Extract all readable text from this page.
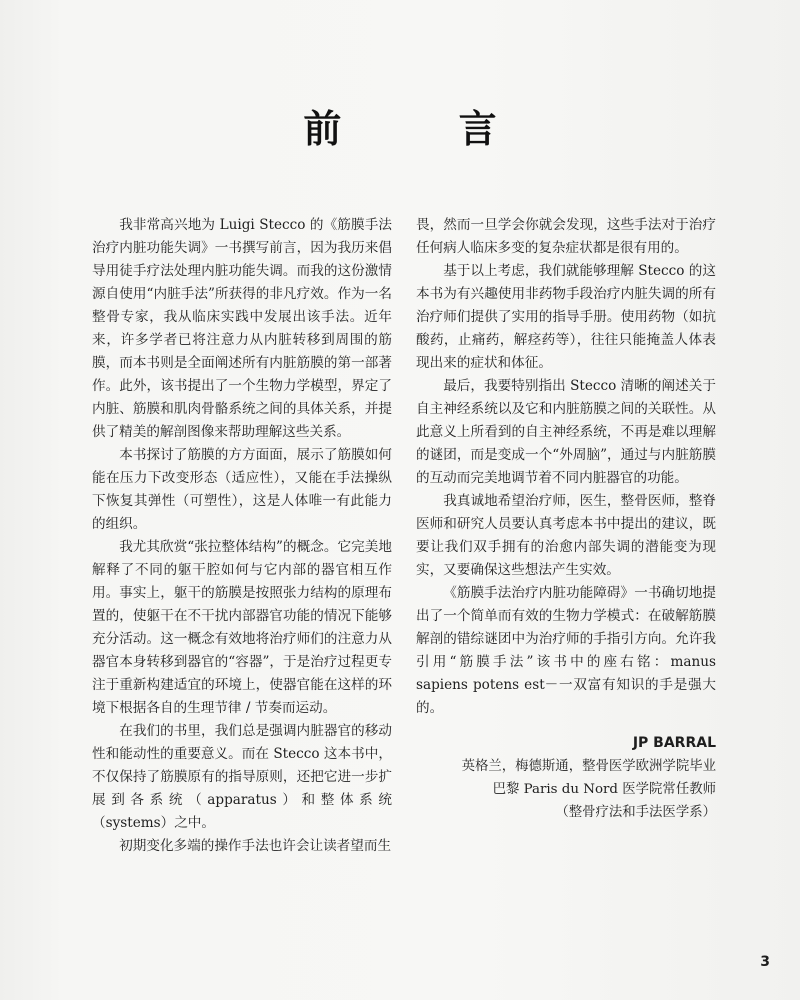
前 言

我非常高兴地为 Luigi Stecco 的《筋膜手法治疗内脏功能失调》一书撰写前言，因为我历来倡导用徒手疗法处理内脏功能失调。而我的这份激情源自使用“内脏手法”所获得的非凡疗效。作为一名整骨专家，我从临床实践中发展出该手法。近年来，许多学者已将注意力从内脏转移到周围的筋膜，而本书则是全面阐述所有内脏筋膜的第一部著作。此外，该书提出了一个生物力学模型，界定了内脏、筋膜和肌肉骨骼系统之间的具体关系，并提供了精美的解剖图像来帮助理解这些关系。

本书探讨了筋膜的方方面面，展示了筋膜如何能在压力下改变形态（适应性），又能在手法操纵下恢复其弹性（可塑性），这是人体唯一有此能力的组织。

我尤其欣赏“张拉整体结构”的概念。它完美地解释了不同的躯干腔如何与它内部的器官相互作用。事实上，躯干的筋膜是按照张力结构的原理布置的，使躯干在不干扰内部器官功能的情况下能够充分活动。这一概念有效地将治疗师们的注意力从器官本身转移到器官的“容器”，于是治疗过程更专注于重新构建适宜的环境上，使器官能在这样的环境下根据各自的生理节律 / 节奏而运动。

在我们的书里，我们总是强调内脏器官的移动性和能动性的重要意义。而在 Stecco 这本书中，不仅保持了筋膜原有的指导原则，还把它进一步扩展到各系统（apparatus）和整体系统（systems）之中。

初期变化多端的操作手法也许会让读者望而生

畏，然而一旦学会你就会发现，这些手法对于治疗任何病人临床多变的复杂症状都是很有用的。

基于以上考虑，我们就能够理解 Stecco 的这本书为有兴趣使用非药物手段治疗内脏失调的所有治疗师们提供了实用的指导手册。使用药物（如抗酸药，止痛药，解痉药等），往往只能掩盖人体表现出来的症状和体征。

最后，我要特别指出 Stecco 清晰的阐述关于自主神经系统以及它和内脏筋膜之间的关联性。从此意义上所看到的自主神经系统，不再是难以理解的谜团，而是变成一个“外周脑”，通过与内脏筋膜的互动而完美地调节着不同内脏器官的功能。

我真诚地希望治疗师，医生，整骨医师，整脊医师和研究人员要认真考虑本书中提出的建议，既要让我们双手拥有的治愈内部失调的潜能变为现实，又要确保这些想法产生实效。

《筋膜手法治疗内脏功能障碍》一书确切地提出了一个简单而有效的生物力学模式：在破解筋膜解剖的错综谜团中为治疗师的手指引方向。允许我引用“筋膜手法”该书中的座右铭：manus sapiens potens est－一双富有知识的手是强大的。

JP BARRAL
英格兰，梅德斯通，整骨医学欧洲学院毕业
巴黎 Paris du Nord 医学院常任教师
（整骨疗法和手法医学系）
3
